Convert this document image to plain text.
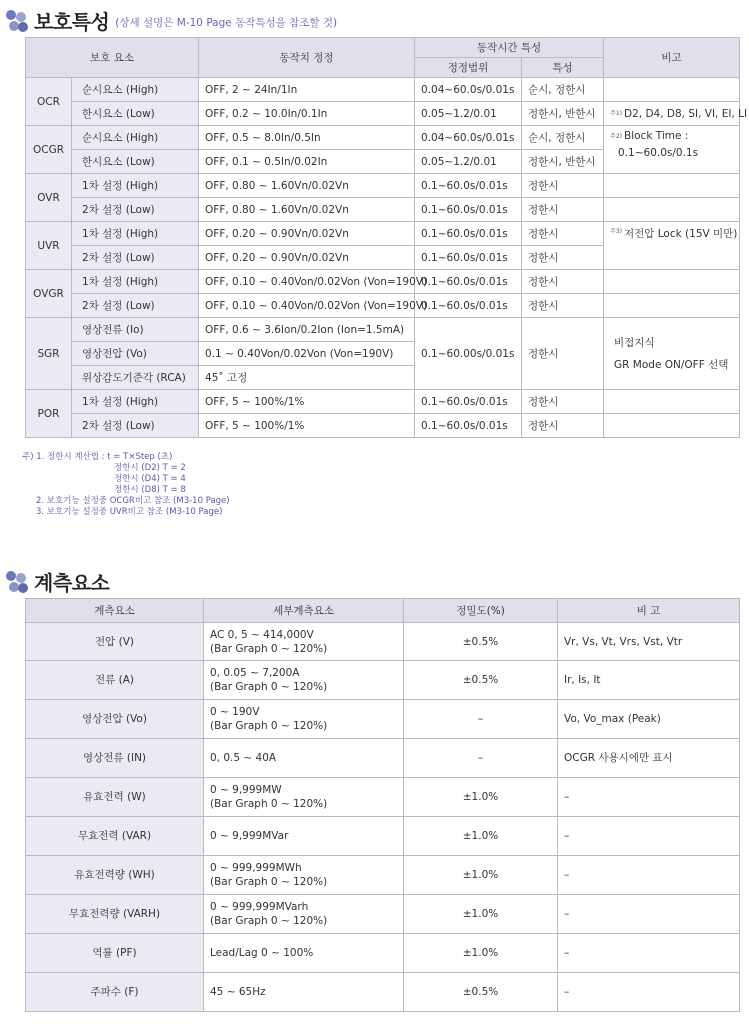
보호특성 (상세 설명은 M-10 Page 동작특성을 참조할 것)
보호 요소		동작치 정정	동작시간 특성		비고
			정정범위	특성	
OCR	순시요소 (High)	OFF, 2 ~ 24In/1In	0.04~60.0s/0.01s	순시, 정한시	
	한시요소 (Low)	OFF, 0.2 ~ 10.0In/0.1In	0.05~1.2/0.01	정한시, 반한시	$^{주1)}$ D2, D4, D8, SI, VI, EI, LI
OCGR	순시요소 (High)	OFF, 0.5 ~ 8.0In/0.5In	0.04~60.0s/0.01s	순시, 정한시	$^{주2)}$ Block Time :
0.1~60.0s/0.1s

	한시요소 (Low)	OFF, 0.1 ~ 0.5In/0.02In	0.05~1.2/0.01	정한시, 반한시	
OVR	1차 설정 (High)	OFF, 0.80 ~ 1.60Vn/0.02Vn	0.1~60.0s/0.01s	정한시	
	2차 설정 (Low)	OFF, 0.80 ~ 1.60Vn/0.02Vn	0.1~60.0s/0.01s	정한시	
UVR	1차 설정 (High)	OFF, 0.20 ~ 0.90Vn/0.02Vn	0.1~60.0s/0.01s	정한시	$^{주3)}$ 저전압 Lock (15V 미만)
	2차 설정 (Low)	OFF, 0.20 ~ 0.90Vn/0.02Vn	0.1~60.0s/0.01s	정한시	
OVGR	1차 설정 (High)	OFF, 0.10 ~ 0.40Von/0.02Von (Von=190V)	0.1~60.0s/0.01s	정한시	
	2차 설정 (Low)	OFF, 0.10 ~ 0.40Von/0.02Von (Von=190V)	0.1~60.0s/0.01s	정한시	
SGR	영상전류 (Io)	OFF, 0.6 ~ 3.6Ion/0.2Ion (Ion=1.5mA)	0.1~60.00s/0.01s	정한시	비접지식
GR Mode ON/OFF 선택

	영상전압 (Vo)	0.1 ~ 0.40Von/0.02Von (Von=190V)			
	위상감도기준각 (RCA)	45˚ 고정			
POR	1차 설정 (High)	OFF, 5 ~ 100%/1%	0.1~60.0s/0.01s	정한시	
	2차 설정 (Low)	OFF, 5 ~ 100%/1%	0.1~60.0s/0.01s	정한시	
주) 1. 정한시 계산법 : t = T×Step (초)
정한시 (D2) T = 2
정한시 (D4) T = 4
정한시 (D8) T = 8
2. 보호기능 설정중 OCGR비고 참조 (M3-10 Page)
3. 보호기능 설정중 UVR비고 참조 (M3-10 Page)
계측요소
계측요소	세부계측요소	정밀도(%)	비 고
전압 (V)	AC 0, 5 ~ 414,000V
(Bar Graph 0 ~ 120%)	±0.5%	Vr, Vs, Vt, Vrs, Vst, Vtr
전류 (A)	0, 0.05 ~ 7,200A
(Bar Graph 0 ~ 120%)	±0.5%	Ir, Is, It
영상전압 (Vo)	0 ~ 190V
(Bar Graph 0 ~ 120%)	–	Vo, Vo_max (Peak)
영상전류 (IN)	0, 0.5 ~ 40A	–	OCGR 사용시에만 표시
유효전력 (W)	0 ~ 9,999MW
(Bar Graph 0 ~ 120%)	±1.0%	–
무효전력 (VAR)	0 ~ 9,999MVar	±1.0%	–
유효전력량 (WH)	0 ~ 999,999MWh
(Bar Graph 0 ~ 120%)	±1.0%	–
무효전력량 (VARH)	0 ~ 999,999MVarh
(Bar Graph 0 ~ 120%)	±1.0%	–
역률 (PF)	Lead/Lag 0 ~ 100%	±1.0%	–
주파수 (F)	45 ~ 65Hz	±0.5%	–
